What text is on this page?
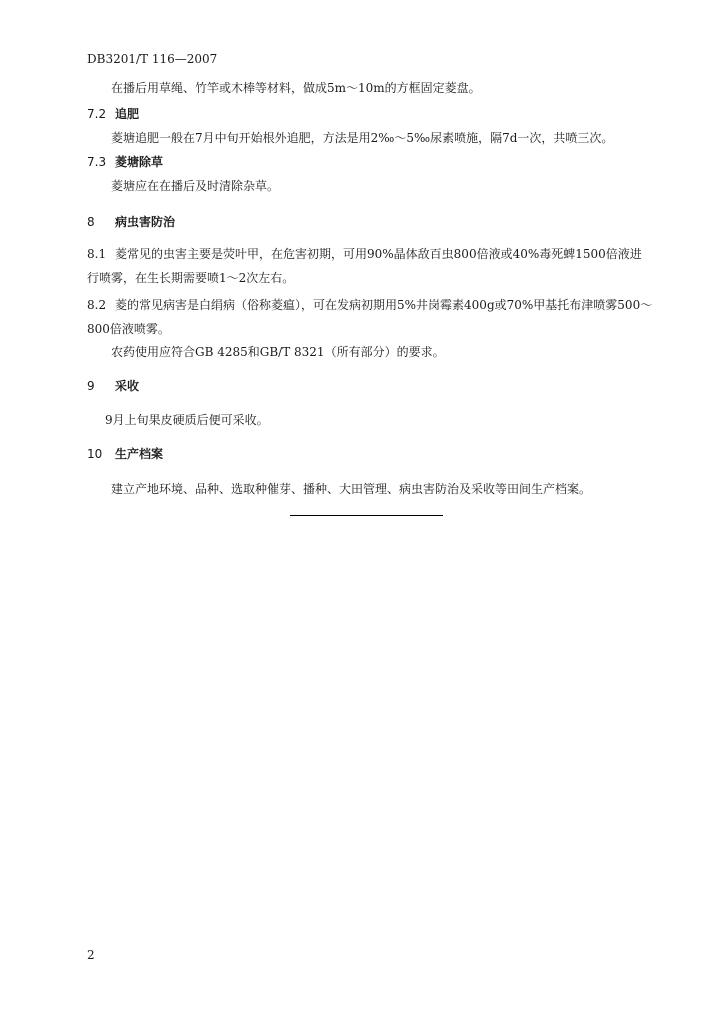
DB3201/T 116—2007
在播后用草绳、竹竿或木棒等材料，做成5m～10m的方框固定菱盘。
7.2 追肥
菱塘追肥一般在7月中旬开始根外追肥，方法是用2‰～5‰尿素喷施，隔7d一次，共喷三次。
7.3 菱塘除草
菱塘应在在播后及时清除杂草。
8 病虫害防治
8.1 菱常见的虫害主要是荧叶甲，在危害初期，可用90%晶体敌百虫800倍液或40%毒死蜱1500倍液进
行喷雾，在生长期需要喷1～2次左右。
8.2 菱的常见病害是白绢病（俗称菱瘟），可在发病初期用5%井岗霉素400g或70%甲基托布津喷雾500～
800倍液喷雾。
农药使用应符合GB 4285和GB/T 8321（所有部分）的要求。
9 采收
9月上旬果皮硬质后便可采收。
10 生产档案
建立产地环境、品种、选取种催芽、播种、大田管理、病虫害防治及采收等田间生产档案。
2
